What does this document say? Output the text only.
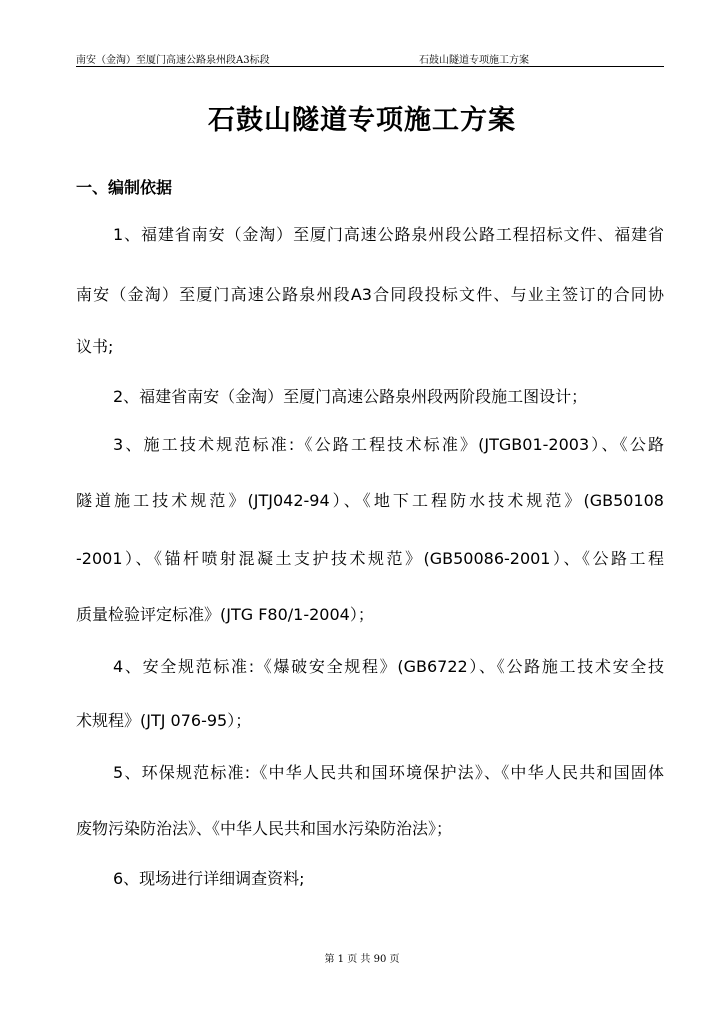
南安（金淘）至厦门高速公路泉州段A3标段	石鼓山隧道专项施工方案
石鼓山隧道专项施工方案
一、编制依据
1、福建省南安（金淘）至厦门高速公路泉州段公路工程招标文件、福建省
南安（金淘）至厦门高速公路泉州段A3合同段投标文件、与业主签订的合同协
议书;
2、福建省南安（金淘）至厦门高速公路泉州段两阶段施工图设计；
3、施工技术规范标准:《公路工程技术标准》(JTGB01-2003）、《公路
隧道施工技术规范》(JTJ042-94）、《地下工程防水技术规范》(GB50108
-2001）、《锚杆喷射混凝土支护技术规范》(GB50086-2001）、《公路工程
质量检验评定标准》(JTG F80/1-2004）；
4、安全规范标准:《爆破安全规程》(GB6722）、《公路施工技术安全技
术规程》(JTJ 076-95）；
5、环保规范标准:《中华人民共和国环境保护法》、《中华人民共和国固体
废物污染防治法》、《中华人民共和国水污染防治法》；
6、现场进行详细调查资料;
第 1 页 共 90 页
